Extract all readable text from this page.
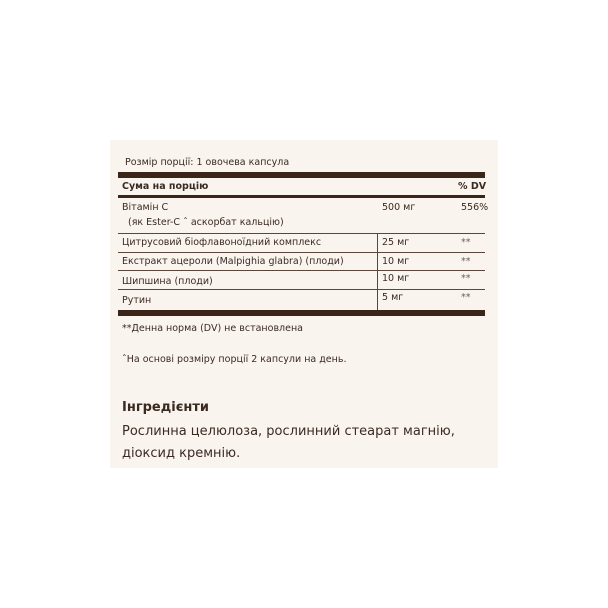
Розмір порції: 1 овочева капсула
Сума на порцію	% DV
Вітамін С
(як Ester-C ˆ аскорбат кальцію)
500 мг	556%
Цитрусовий біофлавоноїдний комплекс	25 мг	**
Екстракт ацероли (Malpighia glabra) (плоди)	10 мг	**
Шипшина (плоди)	10 мг	**
Рутин	5 мг	**
**Денна норма (DV) не встановлена
ˆНа основі розміру порції 2 капсули на день.
Інгредієнти
Рослинна целюлоза, рослинний стеарат магнію, діоксид кремнію.
